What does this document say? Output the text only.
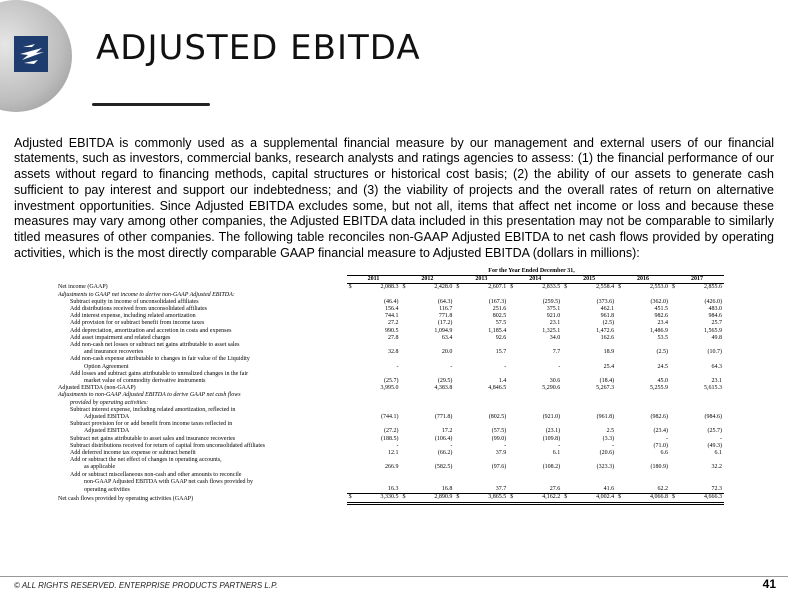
ADJUSTED EBITDA

Adjusted EBITDA is commonly used as a supplemental financial measure by our management and external users of our financial statements, such as investors, commercial banks, research analysts and ratings agencies to assess: (1) the financial performance of our assets without regard to financing methods, capital structures or historical cost basis; (2) the ability of our assets to generate cash sufficient to pay interest and support our indebtedness; and (3) the viability of projects and the overall rates of return on alternative investment opportunities. Since Adjusted EBITDA excludes some, but not all, items that affect net income or loss and because these measures may vary among other companies, the Adjusted EBITDA data included in this presentation may not be comparable to similarly titled measures of other companies. The following table reconciles non-GAAP Adjusted EBITDA to net cash flows provided by operating activities, which is the most directly comparable GAAP financial measure to Adjusted EBITDA (dollars in millions):

For the Year Ended December 31,														
	2011		2012		2013		2014		2015		2016		2017	
Net income (GAAP)	$	2,088.3	$	2,428.0	$	2,607.1	$	2,833.5	$	2,558.4	$	2,553.0	$	2,855.6
Adjustments to GAAP net income to derive non-GAAP Adjusted EBITDA:														
Subtract equity in income of unconsolidated affiliates		(46.4)		(64.3)		(167.3)		(259.5)		(373.6)		(362.0)		(426.0)
Add distributions received from unconsolidated affiliates		156.4		116.7		251.6		375.1		462.1		451.5		483.0
Add interest expense, including related amortization		744.1		771.8		802.5		921.0		961.8		982.6		984.6
Add provision for or subtract benefit from income taxes		27.2		(17.2)		57.5		23.1		(2.5)		23.4		25.7
Add depreciation, amortization and accretion in costs and expenses		990.5		1,094.9		1,185.4		1,325.1		1,472.6		1,486.9		1,565.9
Add asset impairment and related charges		27.8		63.4		92.6		34.0		162.6		53.5		49.8
Add non-cash net losses or subtract net gains attributable to asset sales														
and insurance recoveries		32.8		20.0		15.7		7.7		18.9		(2.5)		(10.7)
Add non-cash expense attributable to changes in fair value of the Liquidity														
Option Agreement		-		-		-		-		25.4		24.5		64.3
Add losses and subtract gains attributable to unrealized changes in the fair														
market value of commodity derivative instruments		(25.7)		(29.5)		1.4		30.6		(18.4)		45.0		23.1
Adjusted EBITDA (non-GAAP)		3,995.0		4,383.8		4,846.5		5,290.6		5,267.3		5,255.9		5,615.3
Adjustments to non-GAAP Adjusted EBITDA to derive GAAP net cash flows														
provided by operating activities:														
Subtract interest expense, including related amortization, reflected in														
Adjusted EBITDA		(744.1)		(771.8)		(802.5)		(921.0)		(961.8)		(982.6)		(984.6)
Subtract provision for or add benefit from income taxes reflected in														
Adjusted EBITDA		(27.2)		17.2		(57.5)		(23.1)		2.5		(23.4)		(25.7)
Subtract net gains attributable to asset sales and insurance recoveries		(188.5)		(106.4)		(99.0)		(109.8)		(3.3)		-		-
Subtract distributions received for return of capital from unconsolidated affiliates		-		-		-		-		-		(71.0)		(49.3)
Add deferred income tax expense or subtract benefit		12.1		(66.2)		37.9		6.1		(20.6)		6.6		6.1
Add or subtract the net effect of changes in operating accounts,														
as applicable		266.9		(582.5)		(97.6)		(108.2)		(323.3)		(180.9)		32.2
Add or subtract miscellaneous non-cash and other amounts to reconcile														
non-GAAP Adjusted EBITDA with GAAP net cash flows provided by														
operating activities		16.3		16.8		37.7		27.6		41.6		62.2		72.3
Net cash flows provided by operating activities (GAAP)	$	3,330.5	$	2,890.9	$	3,865.5	$	4,162.2	$	4,002.4	$	4,066.8	$	4,666.3
© ALL RIGHTS RESERVED. ENTERPRISE PRODUCTS PARTNERS L.P.	41
